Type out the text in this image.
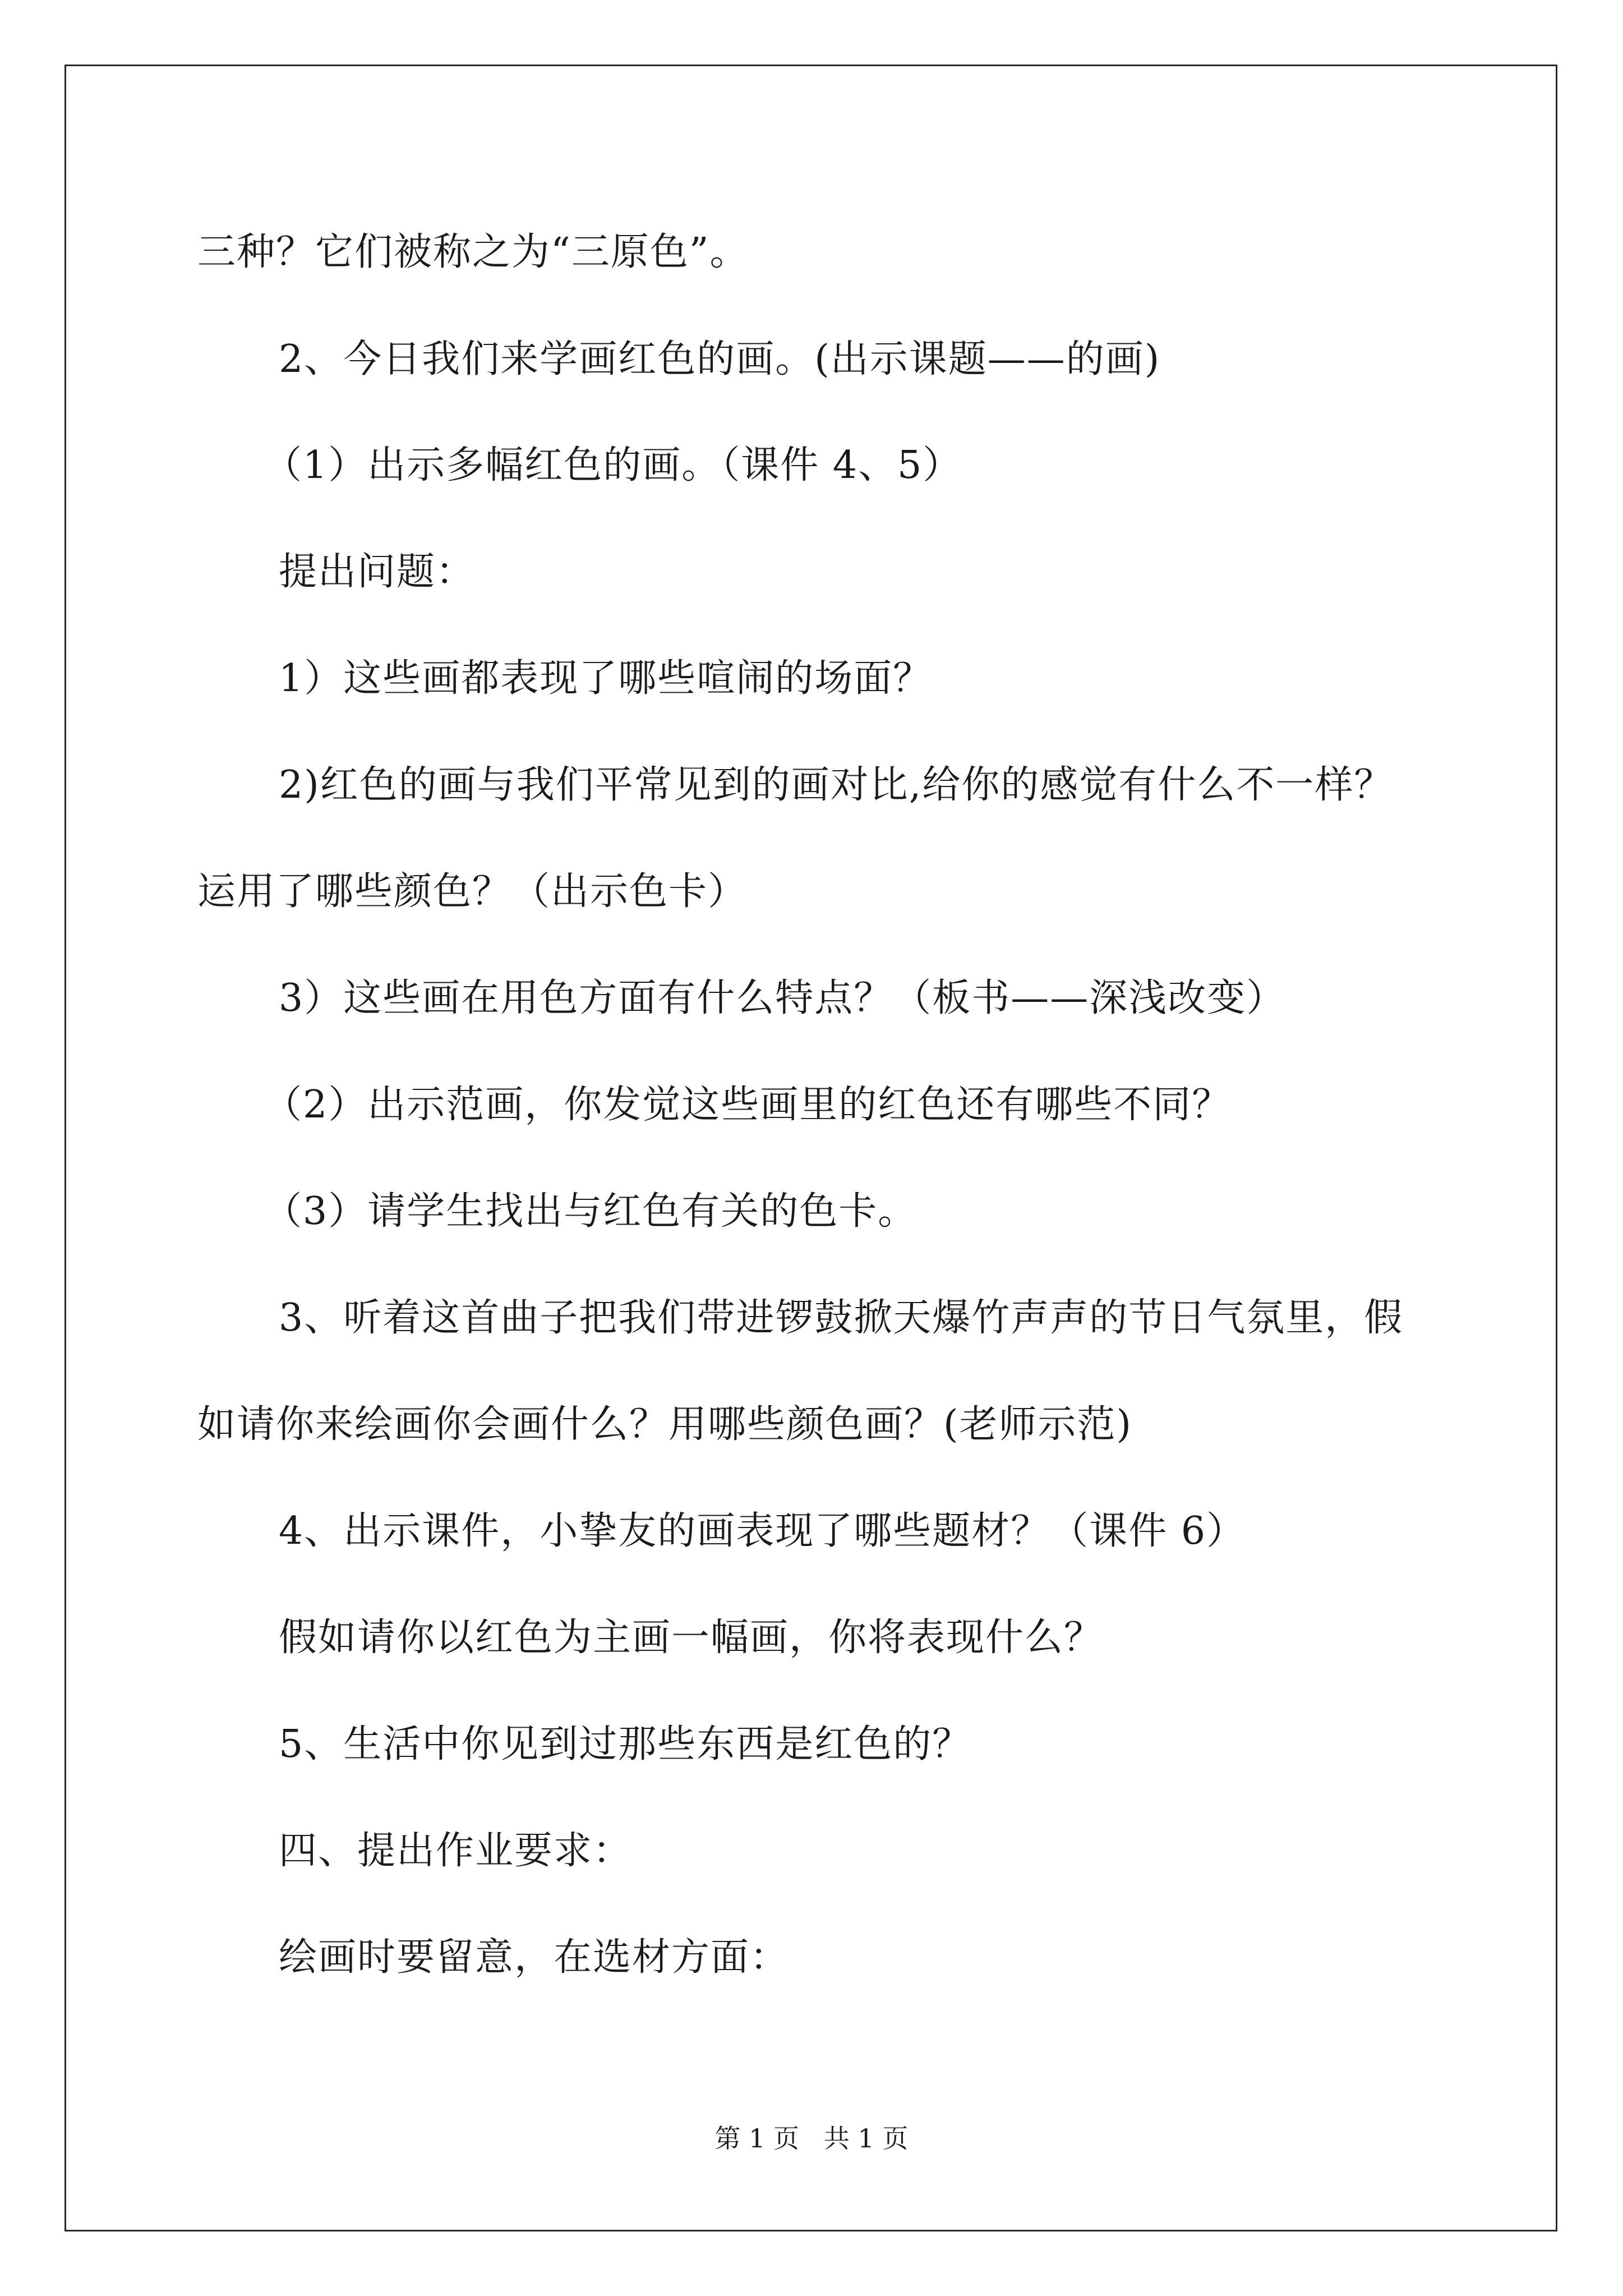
三种？它们被称之为“三原色”。
2、今日我们来学画红色的画。(出示课题——的画)
（1）出示多幅红色的画。（课件 4、5）
提出问题：
1）这些画都表现了哪些喧闹的场面？
2)红色的画与我们平常见到的画对比,给你的感觉有什么不一样？
运用了哪些颜色？（出示色卡）
3）这些画在用色方面有什么特点？（板书——深浅改变）
（2）出示范画，你发觉这些画里的红色还有哪些不同？
（3）请学生找出与红色有关的色卡。
3、听着这首曲子把我们带进锣鼓掀天爆竹声声的节日气氛里，假
如请你来绘画你会画什么？用哪些颜色画？(老师示范)
4、出示课件，小挚友的画表现了哪些题材？（课件 6）
假如请你以红色为主画一幅画，你将表现什么？
5、生活中你见到过那些东西是红色的？
四、提出作业要求：
绘画时要留意，在选材方面：
第 1 页   共 1 页
